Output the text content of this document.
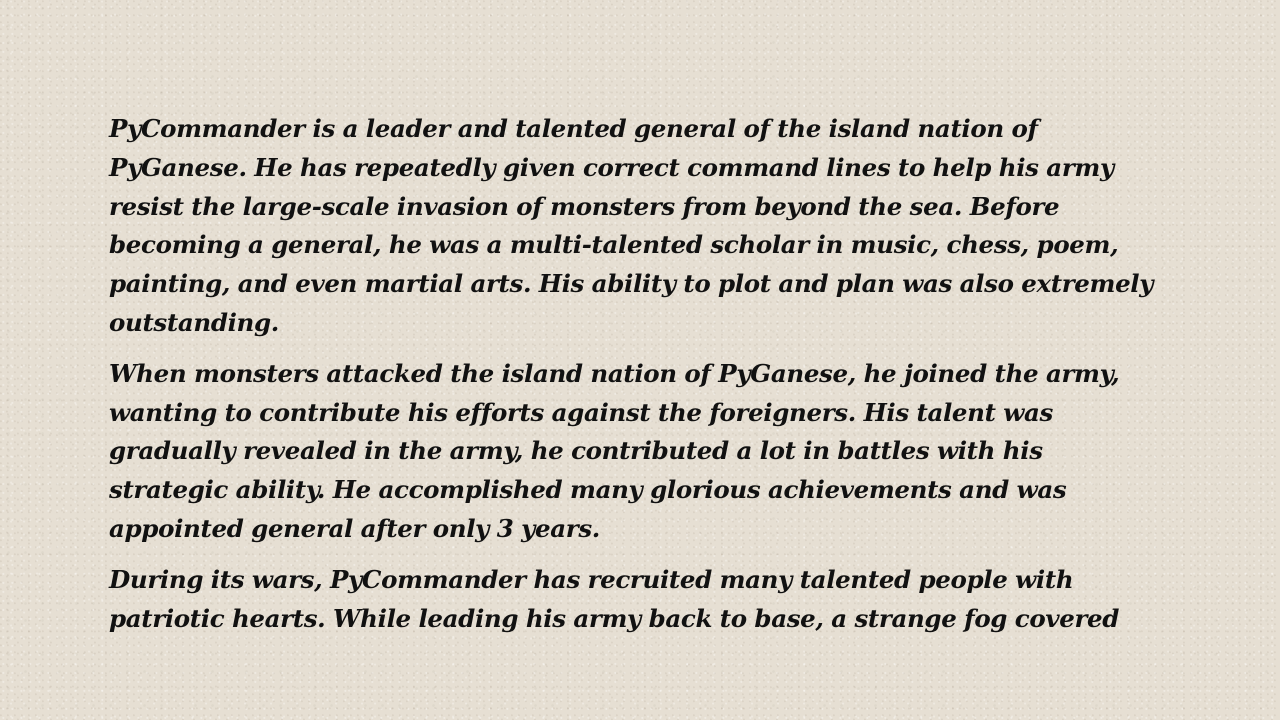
PyCommander is a leader and talented general of the island nation of PyGanese. He has repeatedly given correct command lines to help his army resist the large-scale invasion of monsters from beyond the sea. Before becoming a general, he was a multi-talented scholar in music, chess, poem, painting, and even martial arts. His ability to plot and plan was also extremely outstanding.

When monsters attacked the island nation of PyGanese, he joined the army, wanting to contribute his efforts against the foreigners. His talent was gradually revealed in the army, he contributed a lot in battles with his strategic ability. He accomplished many glorious achievements and was appointed general after only 3 years.

During its wars, PyCommander has recruited many talented people with patriotic hearts. While leading his army back to base, a strange fog covered
